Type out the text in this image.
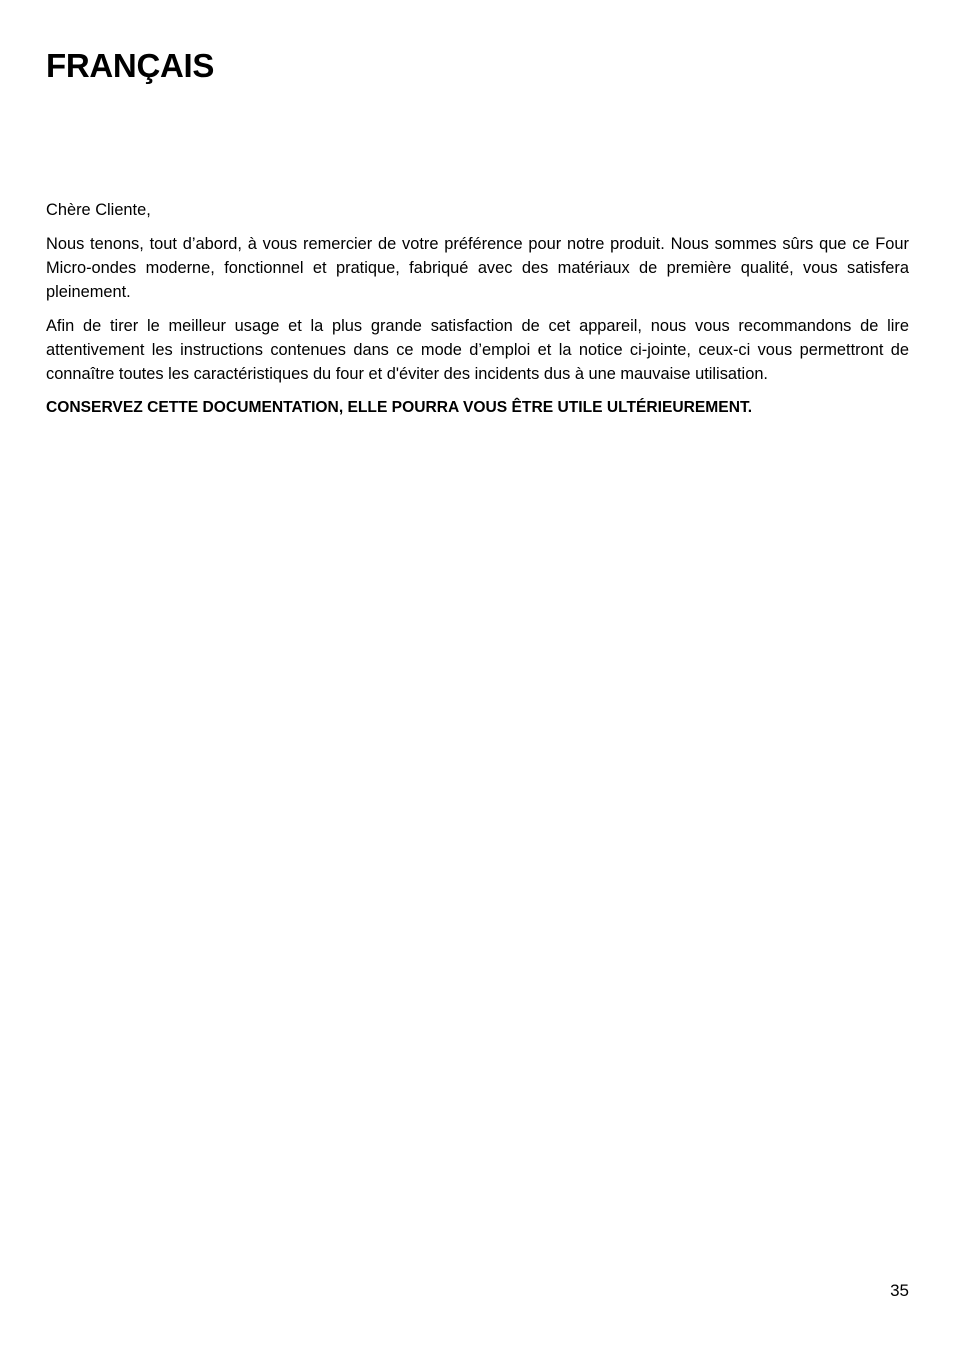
FRANÇAIS

Chère Cliente,

Nous tenons, tout d’abord, à vous remercier de votre préférence pour notre produit. Nous sommes sûrs que ce Four Micro-ondes moderne, fonctionnel et pratique, fabriqué avec des matériaux de première qualité, vous satisfera pleinement.

Afin de tirer le meilleur usage et la plus grande satisfaction de cet appareil, nous vous recommandons de lire attentivement les instructions contenues dans ce mode d’emploi et la notice ci-jointe, ceux-ci vous permettront de connaître toutes les caractéristiques du four et d'éviter des incidents dus à une mauvaise utilisation.

CONSERVEZ CETTE DOCUMENTATION, ELLE POURRA VOUS ÊTRE UTILE ULTÉRIEUREMENT.

35
